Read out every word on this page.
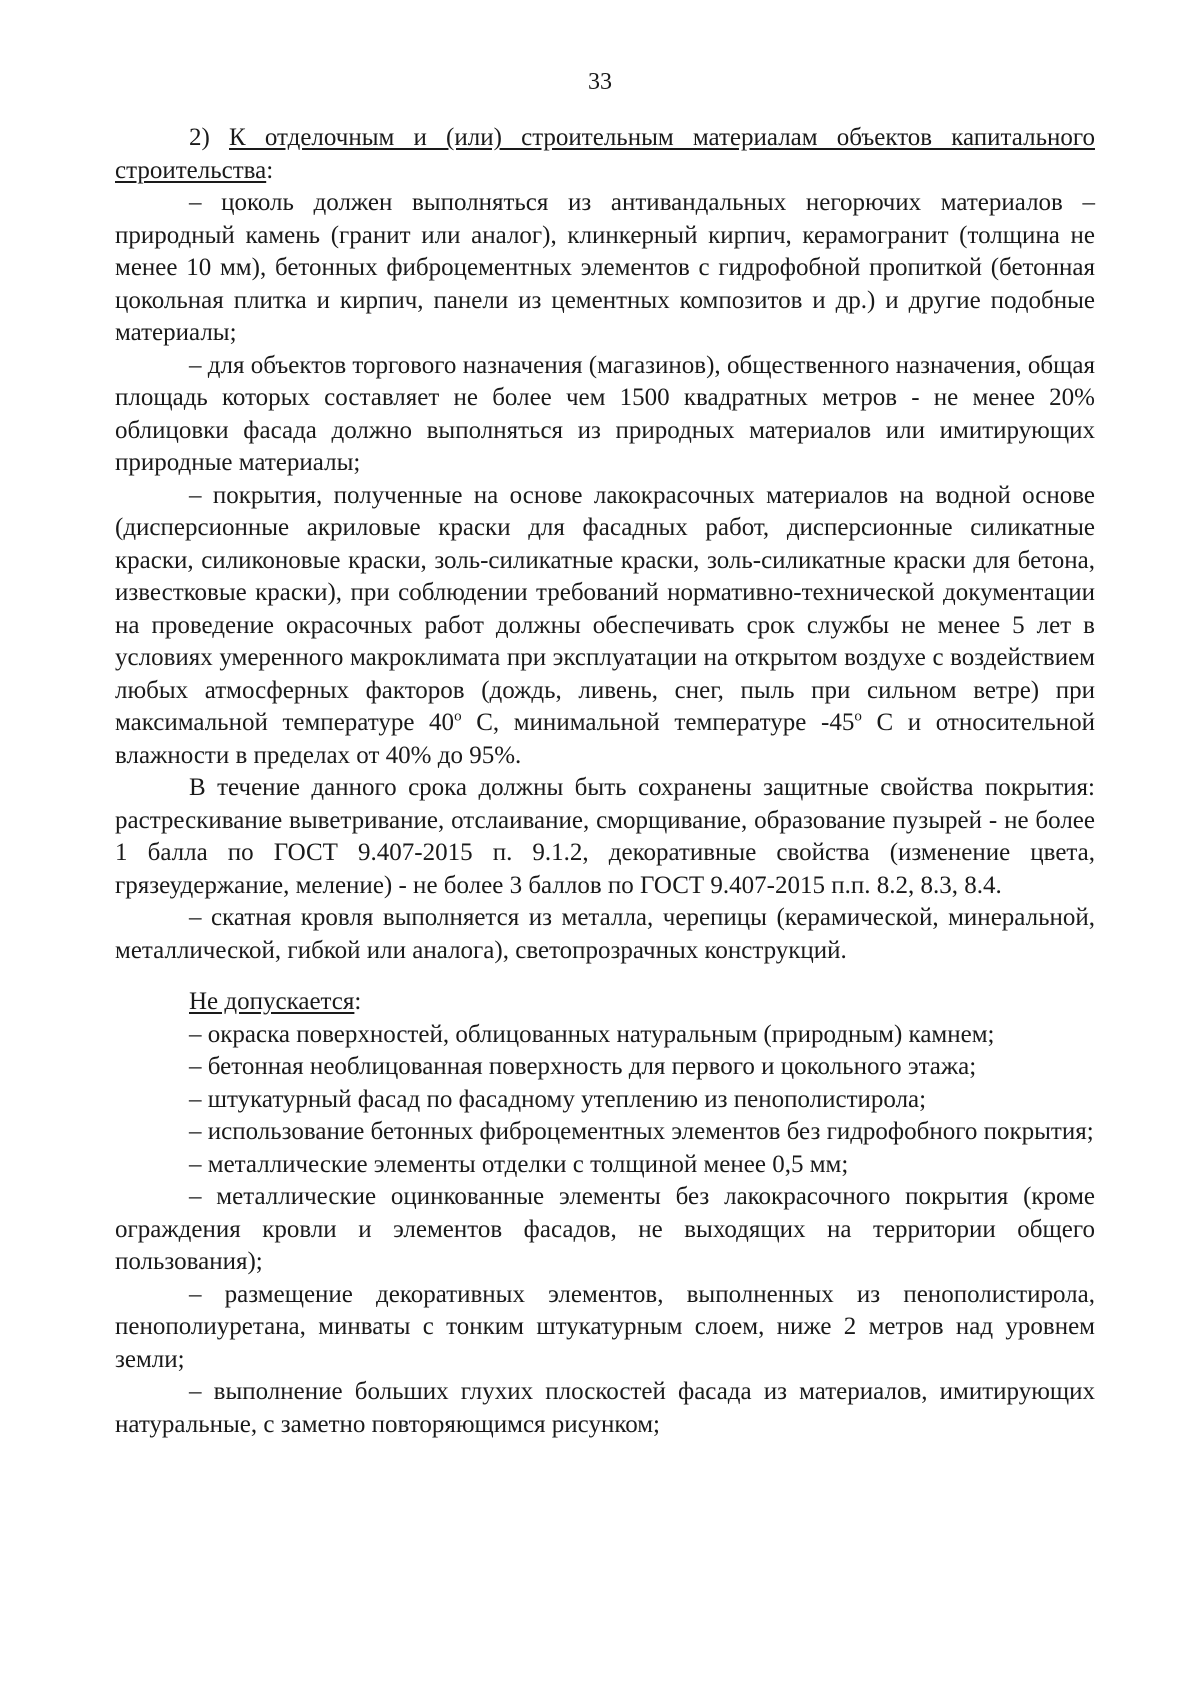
33

2) К отделочным и (или) строительным материалам объектов капитального строительства:

– цоколь должен выполняться из антивандальных негорючих материалов – природный камень (гранит или аналог), клинкерный кирпич, керамогранит (толщина не менее 10 мм), бетонных фиброцементных элементов с гидрофобной пропиткой (бетонная цокольная плитка и кирпич, панели из цементных композитов и др.) и другие подобные материалы;

– для объектов торгового назначения (магазинов), общественного назначения, общая площадь которых составляет не более чем 1500 квадратных метров - не менее 20% облицовки фасада должно выполняться из природных материалов или имитирующих природные материалы;

– покрытия, полученные на основе лакокрасочных материалов на водной основе (дисперсионные акриловые краски для фасадных работ, дисперсионные силикатные краски, силиконовые краски, золь-силикатные краски, золь-силикатные краски для бетона, известковые краски), при соблюдении требований нормативно-технической документации на проведение окрасочных работ должны обеспечивать срок службы не менее 5 лет в условиях умеренного макроклимата при эксплуатации на открытом воздухе с воздействием любых атмосферных факторов (дождь, ливень, снег, пыль при сильном ветре) при максимальной температуре $40^о$ С, минимальной температуре $-45^о$ С и относительной влажности в пределах от 40% до 95%.

В течение данного срока должны быть сохранены защитные свойства покрытия: растрескивание выветривание, отслаивание, сморщивание, образование пузырей - не более 1 балла по ГОСТ 9.407-2015 п. 9.1.2, декоративные свойства (изменение цвета, грязеудержание, меление) - не более 3 баллов по ГОСТ 9.407-2015 п.п. 8.2, 8.3, 8.4.

– скатная кровля выполняется из металла, черепицы (керамической, минеральной, металлической, гибкой или аналога), светопрозрачных конструкций.

Не допускается:

– окраска поверхностей, облицованных натуральным (природным) камнем;

– бетонная необлицованная поверхность для первого и цокольного этажа;

– штукатурный фасад по фасадному утеплению из пенополистирола;

– использование бетонных фиброцементных элементов без гидрофобного покрытия;

– металлические элементы отделки с толщиной менее 0,5 мм;

– металлические оцинкованные элементы без лакокрасочного покрытия (кроме ограждения кровли и элементов фасадов, не выходящих на территории общего пользования);

– размещение декоративных элементов, выполненных из пенополистирола, пенополиуретана, минваты с тонким штукатурным слоем, ниже 2 метров над уровнем земли;

– выполнение больших глухих плоскостей фасада из материалов, имитирующих натуральные, с заметно повторяющимся рисунком;
